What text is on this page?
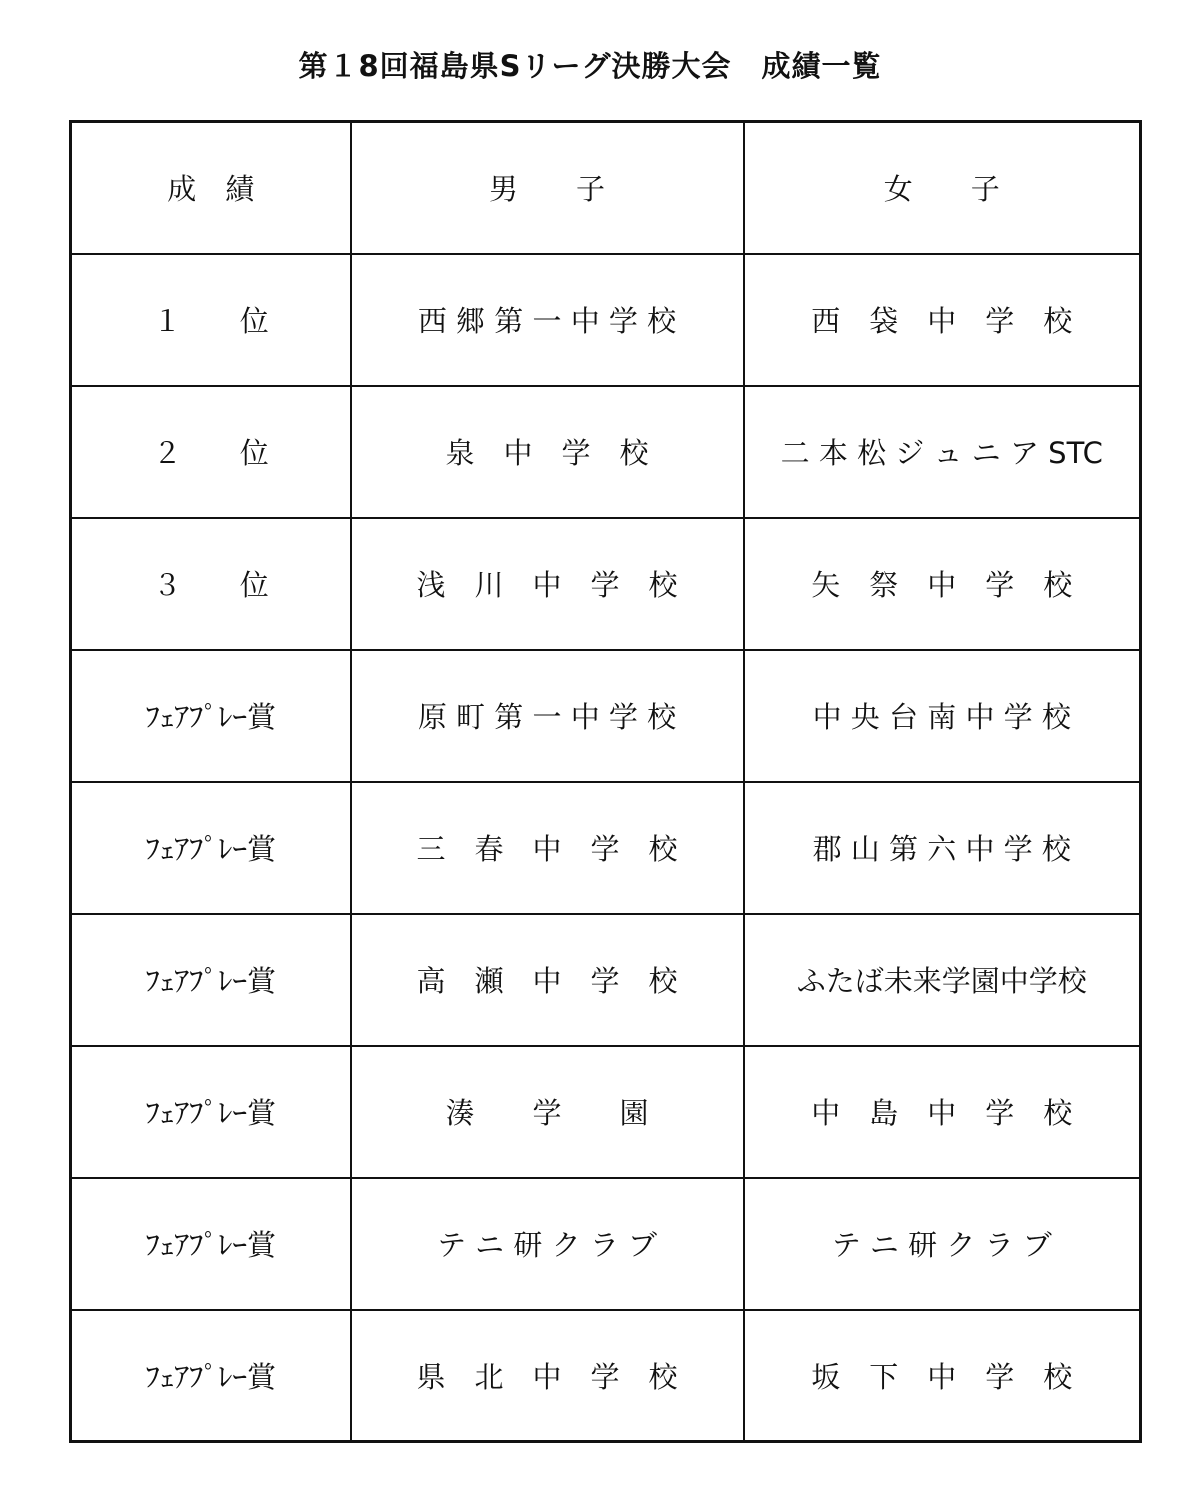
第１8回福島県Sリーグ決勝大会　成績一覧
成　績	男　　子	女　　子
１　　位	西 郷 第 一 中 学 校	西　袋　中　学　校
２　　位	泉　中　学　校	二 本 松 ジ ュ ニ ア STC
３　　位	浅　川　中　学　校	矢　祭　中　学　校
ﾌｪｱﾌﾟﾚｰ賞	原 町 第 一 中 学 校	中 央 台 南 中 学 校
ﾌｪｱﾌﾟﾚｰ賞	三　春　中　学　校	郡 山 第 六 中 学 校
ﾌｪｱﾌﾟﾚｰ賞	高　瀬　中　学　校	ふたば未来学園中学校
ﾌｪｱﾌﾟﾚｰ賞	湊　　学　　園	中　島　中　学　校
ﾌｪｱﾌﾟﾚｰ賞	テ ニ 研 ク ラ ブ	テ ニ 研 ク ラ ブ
ﾌｪｱﾌﾟﾚｰ賞	県　北　中　学　校	坂　下　中　学　校
